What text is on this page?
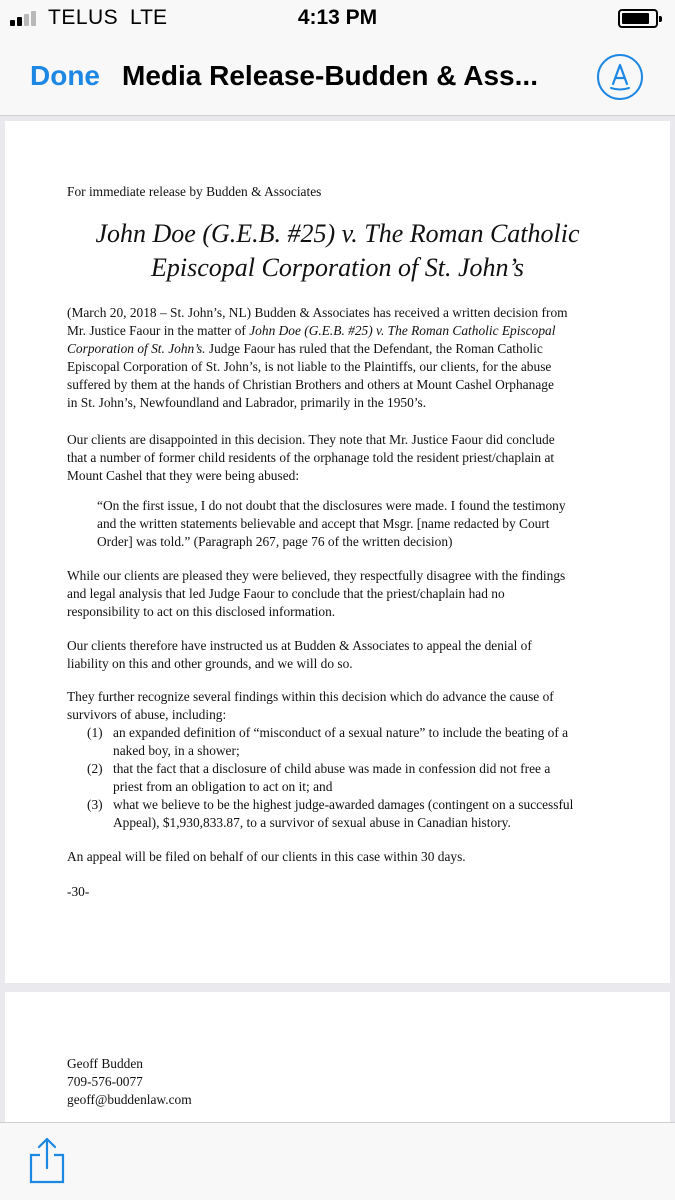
TELUS LTE	4:13 PM
Done Media Release-Budden & Ass...
For immediate release by Budden & Associates
John Doe (G.E.B. #25) v. The Roman Catholic
Episcopal Corporation of St. John’s
(March 20, 2018 – St. John’s, NL) Budden & Associates has received a written decision from
Mr. Justice Faour in the matter of John Doe (G.E.B. #25) v. The Roman Catholic Episcopal
Corporation of St. John’s. Judge Faour has ruled that the Defendant, the Roman Catholic
Episcopal Corporation of St. John’s, is not liable to the Plaintiffs, our clients, for the abuse
suffered by them at the hands of Christian Brothers and others at Mount Cashel Orphanage
in St. John’s, Newfoundland and Labrador, primarily in the 1950’s.
Our clients are disappointed in this decision. They note that Mr. Justice Faour did conclude
that a number of former child residents of the orphanage told the resident priest/chaplain at
Mount Cashel that they were being abused:
“On the first issue, I do not doubt that the disclosures were made. I found the testimony
and the written statements believable and accept that Msgr. [name redacted by Court
Order] was told.” (Paragraph 267, page 76 of the written decision)
While our clients are pleased they were believed, they respectfully disagree with the findings
and legal analysis that led Judge Faour to conclude that the priest/chaplain had no
responsibility to act on this disclosed information.
Our clients therefore have instructed us at Budden & Associates to appeal the denial of
liability on this and other grounds, and we will do so.
They further recognize several findings within this decision which do advance the cause of
survivors of abuse, including:
(1) an expanded definition of “misconduct of a sexual nature” to include the beating of a
naked boy, in a shower;
(2) that the fact that a disclosure of child abuse was made in confession did not free a
priest from an obligation to act on it; and
(3) what we believe to be the highest judge-awarded damages (contingent on a successful
Appeal), $1,930,833.87, to a survivor of sexual abuse in Canadian history.
An appeal will be filed on behalf of our clients in this case within 30 days.
-30-
Geoff Budden
709-576-0077
geoff@buddenlaw.com
